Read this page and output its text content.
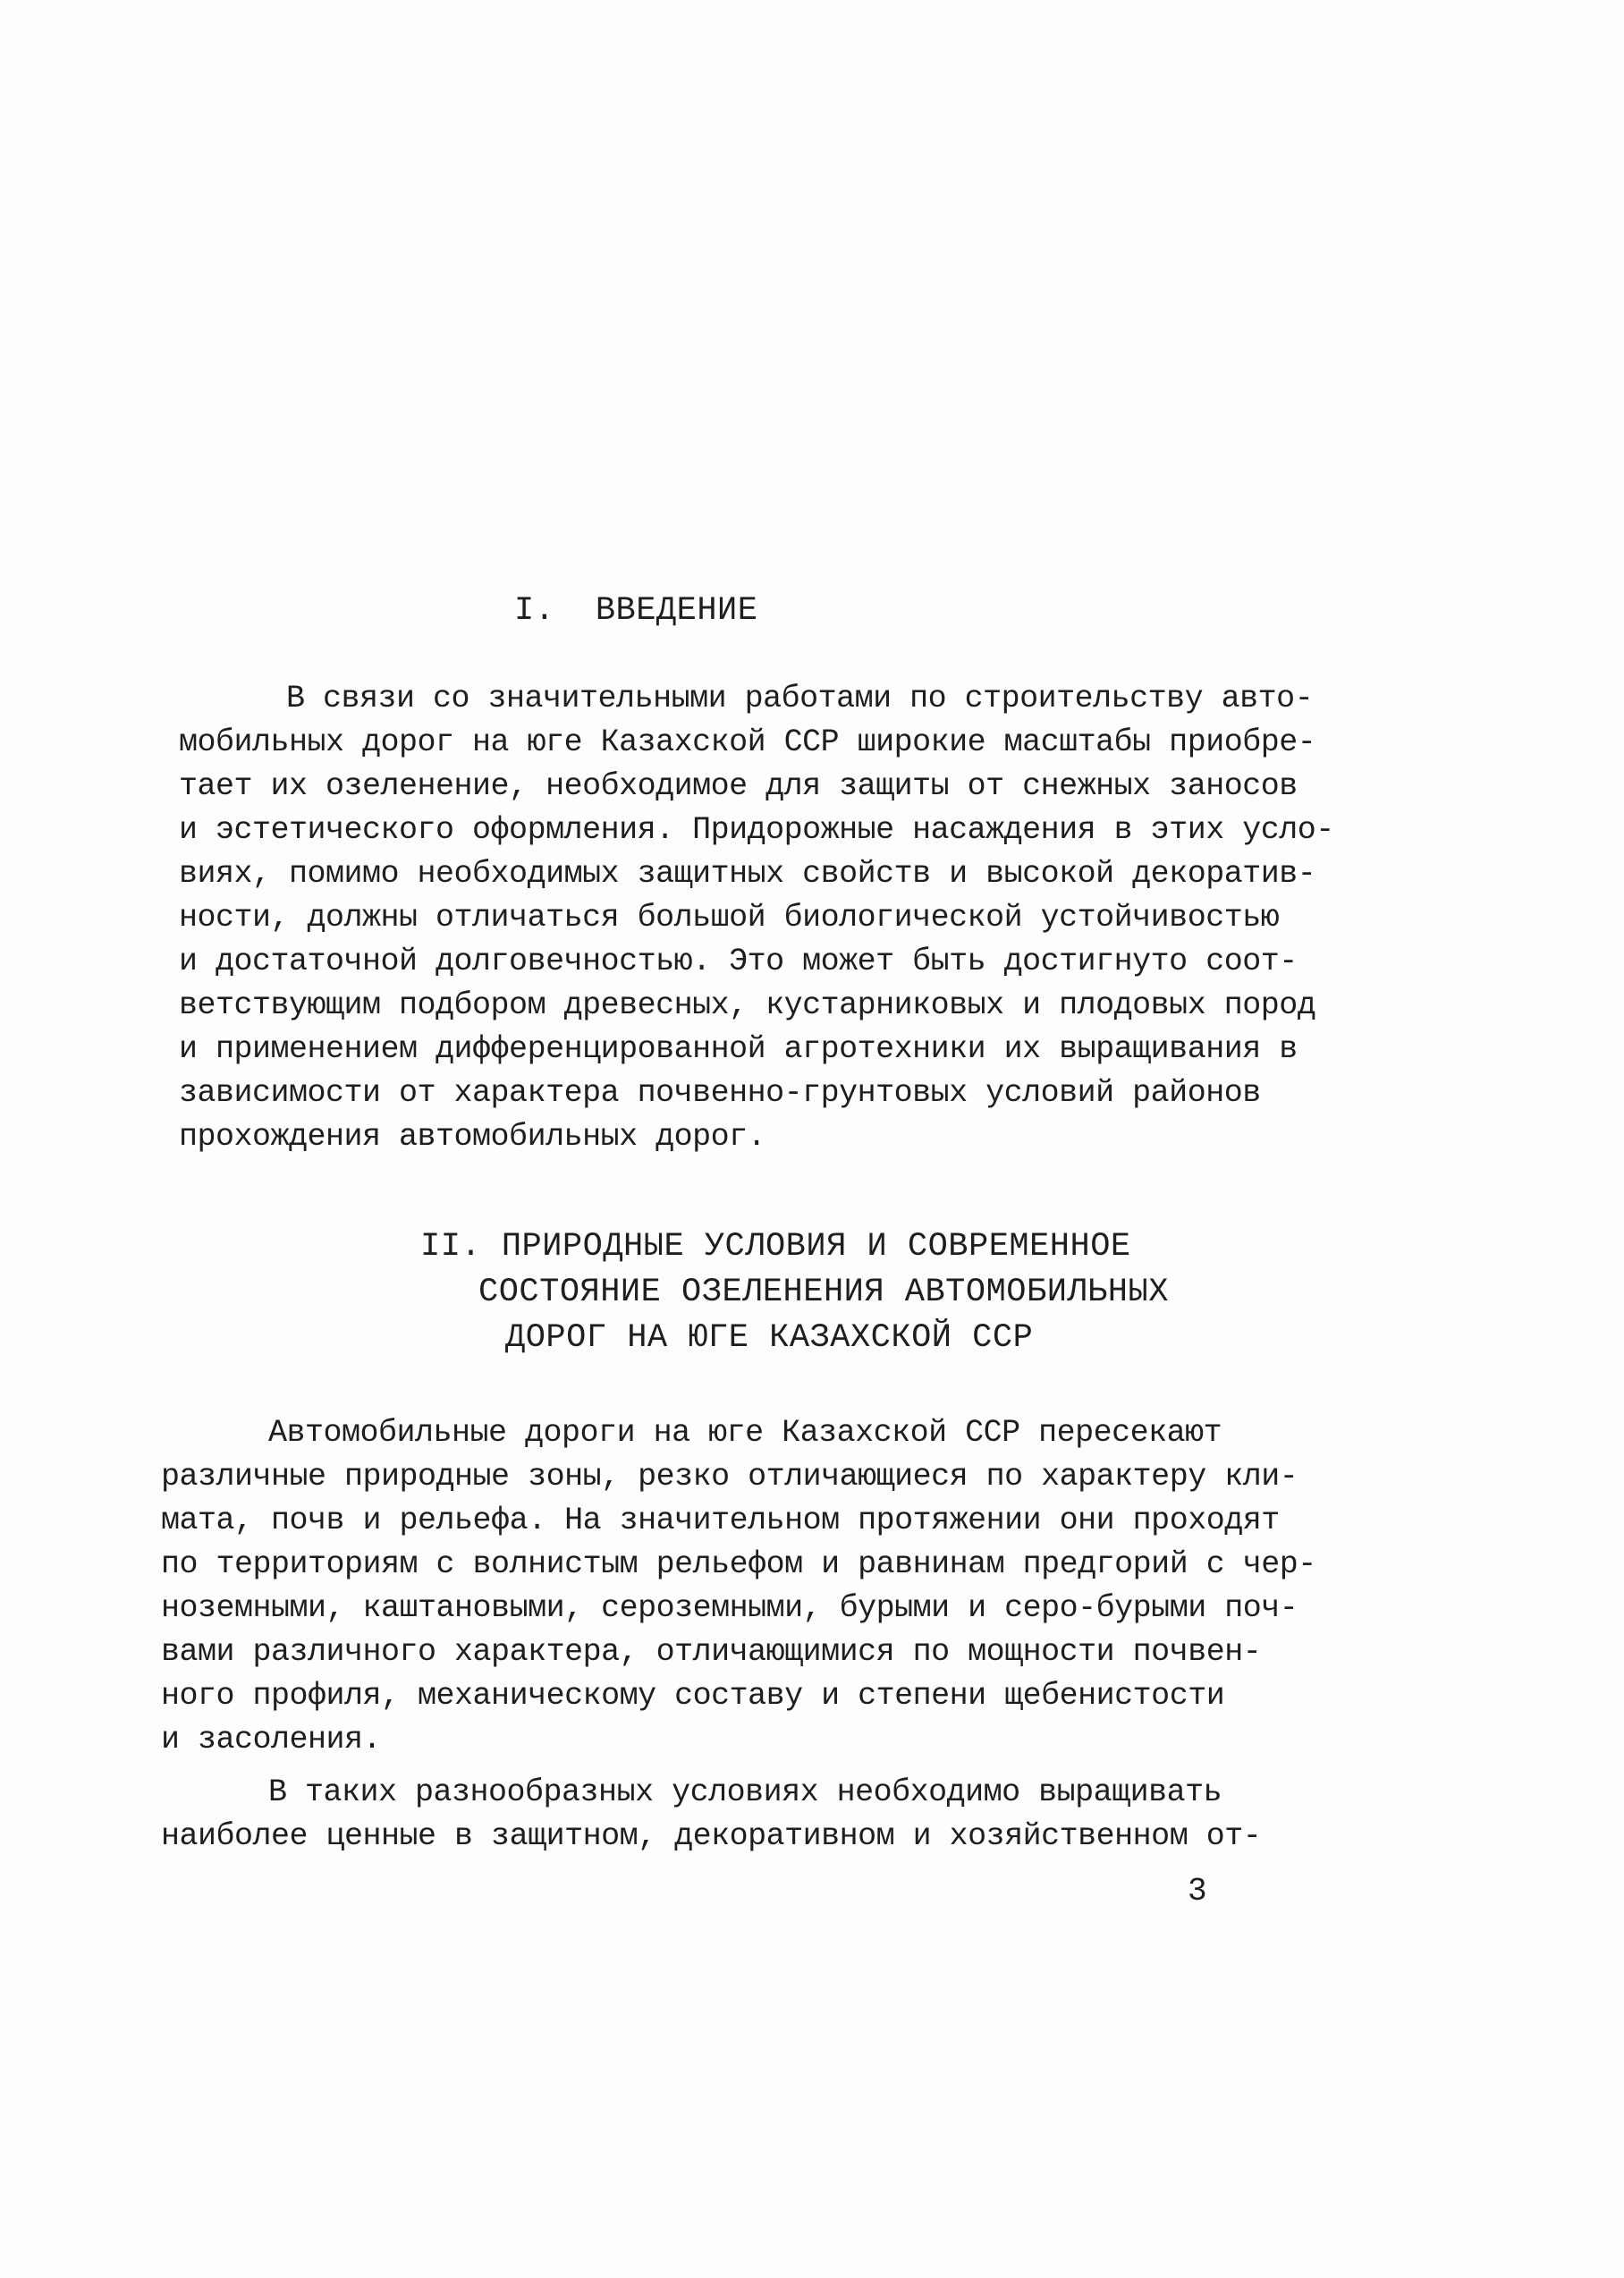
I.  ВВЕДЕНИЕ
В связи со значительными работами по строительству авто-
мобильных дорог на юге Казахской ССР широкие масштабы приобре-
тает их озеленение, необходимое для защиты от снежных заносов
и эстетического оформления. Придорожные насаждения в этих усло-
виях, помимо необходимых защитных свойств и высокой декоратив-
ности, должны отличаться большой биологической устойчивостью
и достаточной долговечностью. Это может быть достигнуто соот-
ветствующим подбором древесных, кустарниковых и плодовых пород
и применением дифференцированной агротехники их выращивания в
зависимости от характера почвенно-грунтовых условий районов
прохождения автомобильных дорог.
II. ПРИРОДНЫЕ УСЛОВИЯ И СОВРЕМЕННОЕ
СОСТОЯНИЕ ОЗЕЛЕНЕНИЯ АВТОМОБИЛЬНЫХ
ДОРОГ НА ЮГЕ КАЗАХСКОЙ ССР
Автомобильные дороги на юге Казахской ССР пересекают
различные природные зоны, резко отличающиеся по характеру кли-
мата, почв и рельефа. На значительном протяжении они проходят
по территориям с волнистым рельефом и равнинам предгорий с чер-
ноземными, каштановыми, сероземными, бурыми и серо-бурыми поч-
вами различного характера, отличающимися по мощности почвен-
ного профиля, механическому составу и степени щебенистости
и засоления.
В таких разнообразных условиях необходимо выращивать
наиболее ценные в защитном, декоративном и хозяйственном от-
3
